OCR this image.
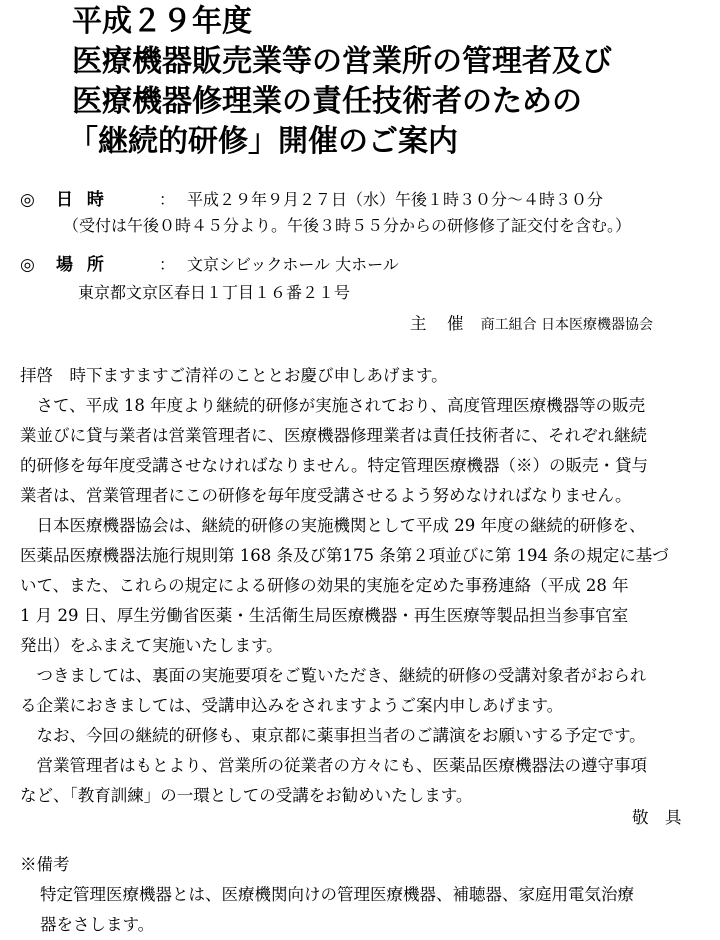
平成２９年度
医療機器販売業等の営業所の管理者及び
医療機器修理業の責任技術者のための
「継続的研修」開催のご案内
◎ 日時	： 平成２９年９月２７日（水）午後１時３０分～４時３０分
（受付は午後０時４５分より。午後３時５５分からの研修修了証交付を含む。）
◎ 場所	： 文京シビックホール 大ホール
東京都文京区春日１丁目１６番２１号
主　催 商工組合 日本医療機器協会
拝啓　時下ますますご清祥のこととお慶び申しあげます。
　さて、平成 18 年度より継続的研修が実施されており、高度管理医療機器等の販売
業並びに貸与業者は営業管理者に、医療機器修理業者は責任技術者に、それぞれ継続
的研修を毎年度受講させなければなりません。特定管理医療機器（※）の販売・貸与
業者は、営業管理者にこの研修を毎年度受講させるよう努めなければなりません。
　日本医療機器協会は、継続的研修の実施機関として平成 29 年度の継続的研修を、
医薬品医療機器法施行規則第 168 条及び第175 条第２項並びに第 194 条の規定に基づ
いて、また、これらの規定による研修の効果的実施を定めた事務連絡（平成 28 年
1 月 29 日、厚生労働省医薬・生活衛生局医療機器・再生医療等製品担当参事官室
発出）をふまえて実施いたします。
　つきましては、裏面の実施要項をご覧いただき、継続的研修の受講対象者がおられ
る企業におきましては、受講申込みをされますようご案内申しあげます。
　なお、今回の継続的研修も、東京都に薬事担当者のご講演をお願いする予定です。
　営業管理者はもとより、営業所の従業者の方々にも、医薬品医療機器法の遵守事項
など、「教育訓練」の一環としての受講をお勧めいたします。
敬　具
※備考
特定管理医療機器とは、医療機関向けの管理医療機器、補聴器、家庭用電気治療
器をさします。
